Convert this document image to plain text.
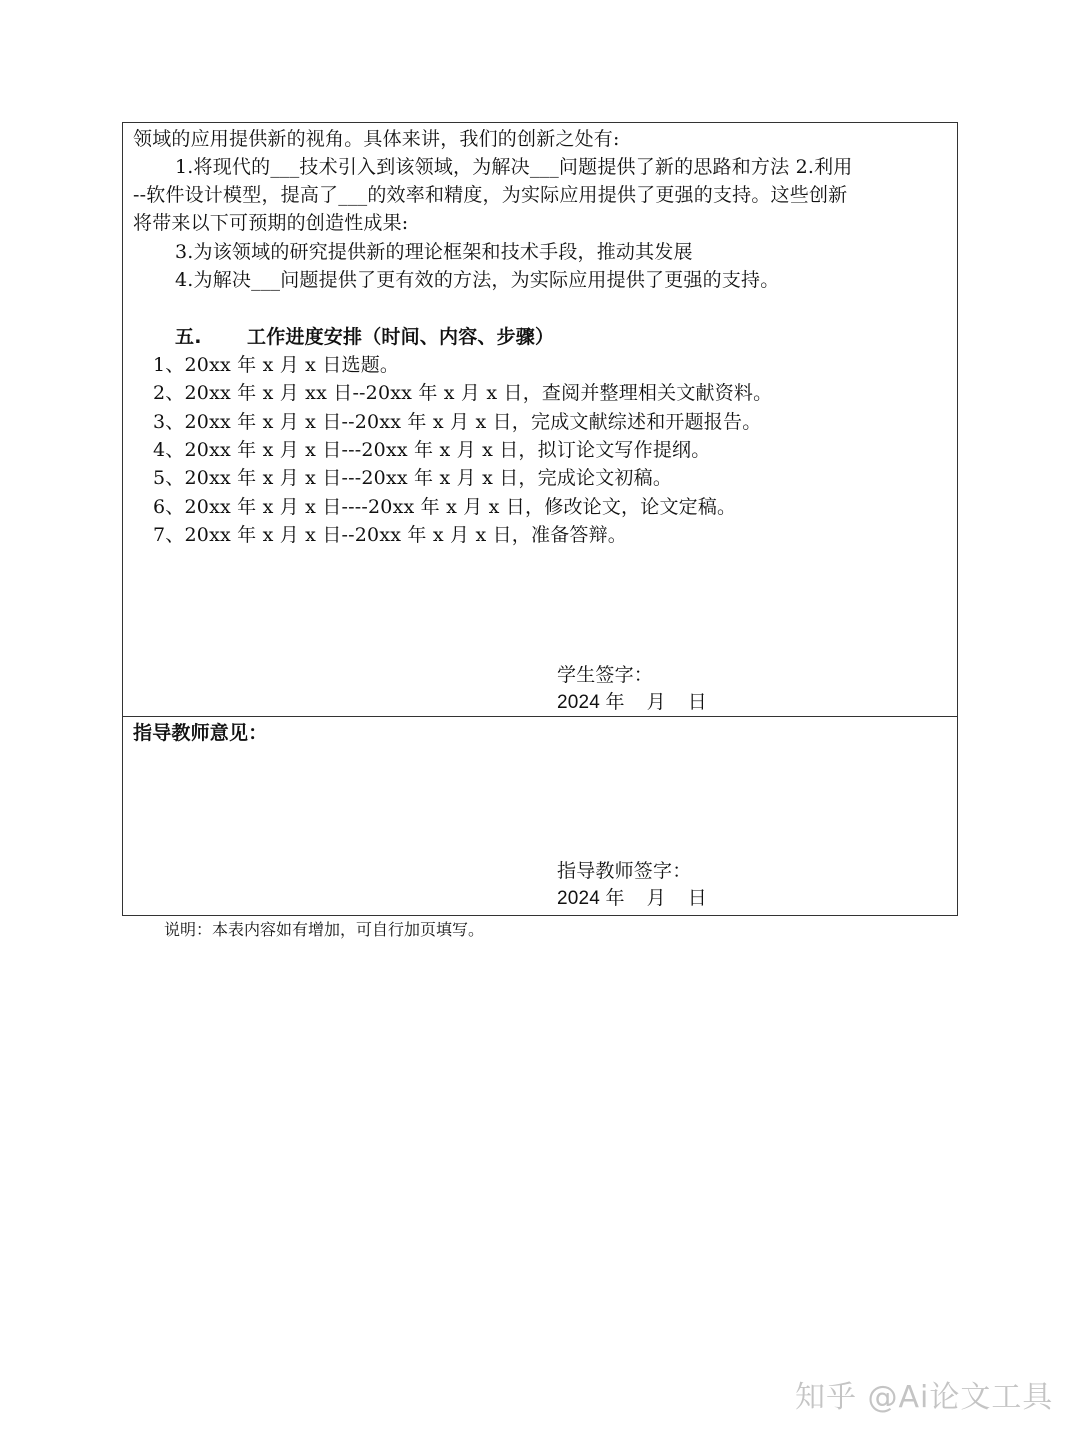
领域的应用提供新的视角。具体来讲，我们的创新之处有:
1.将现代的___技术引入到该领域，为解决___问题提供了新的思路和方法 2.利用
--软件设计模型，提高了___的效率和精度，为实际应用提供了更强的支持。这些创新
将带来以下可预期的创造性成果:
3.为该领域的研究提供新的理论框架和技术手段，推动其发展
4.为解决___问题提供了更有效的方法，为实际应用提供了更强的支持。
五. 工作进度安排（时间、内容、步骤）
1、20xx 年 x 月 x 日选题。
2、20xx 年 x 月 xx 日--20xx 年 x 月 x 日，查阅并整理相关文献资料。
3、20xx 年 x 月 x 日--20xx 年 x 月 x 日，完成文献综述和开题报告。
4、20xx 年 x 月 x 日---20xx 年 x 月 x 日，拟订论文写作提纲。
5、20xx 年 x 月 x 日---20xx 年 x 月 x 日，完成论文初稿。
6、20xx 年 x 月 x 日----20xx 年 x 月 x 日，修改论文，论文定稿。
7、20xx 年 x 月 x 日--20xx 年 x 月 x 日，准备答辩。
学生签字：
2024 年    月    日
指导教师意见：
指导教师签字：
2024 年    月    日
说明：本表内容如有增加，可自行加页填写。
知乎 @Ai论文工具
